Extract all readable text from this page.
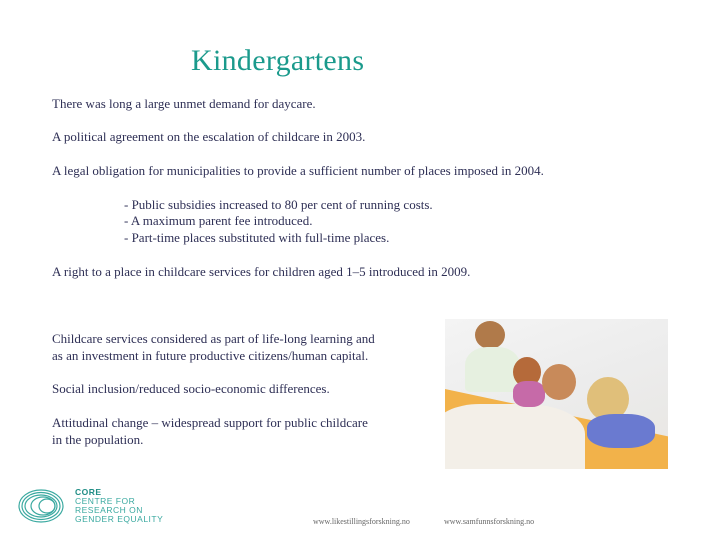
Kindergartens
There was long a large unmet demand for daycare.
A political agreement on the escalation of childcare in 2003.
A legal obligation for municipalities to provide a sufficient number of places imposed in 2004.
- Public subsidies increased to 80 per cent of running costs.
- A maximum parent fee introduced.
- Part-time places substituted with full-time places.
A right to a place in childcare services for children aged 1–5 introduced in 2009.
Childcare services considered as part of life-long learning and
as an investment in future productive citizens/human capital.
Social inclusion/reduced socio-economic differences.
Attitudinal change – widespread support for public childcare
in the population.
CORE
CENTRE FOR
RESEARCH ON
GENDER EQUALITY	www.likestillingsforskning.no	www.samfunnsforskning.no
